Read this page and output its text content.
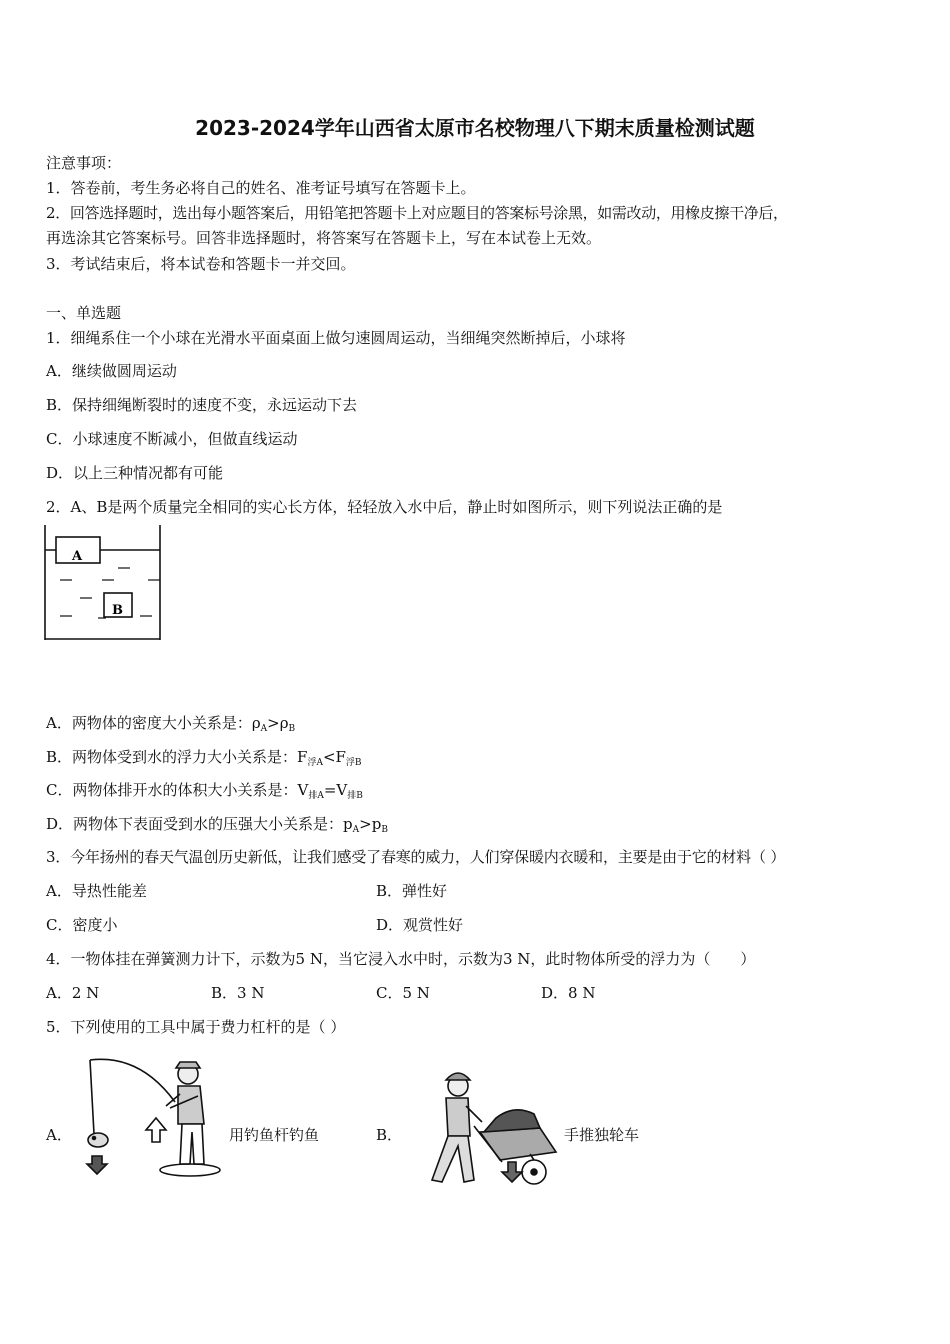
2023-2024学年山西省太原市名校物理八下期末质量检测试题
注意事项：
1．答卷前，考生务必将自己的姓名、准考证号填写在答题卡上。
2．回答选择题时，选出每小题答案后，用铅笔把答题卡上对应题目的答案标号涂黑，如需改动，用橡皮擦干净后，
再选涂其它答案标号。回答非选择题时，将答案写在答题卡上，写在本试卷上无效。
3．考试结束后，将本试卷和答题卡一并交回。
一、单选题
1．细绳系住一个小球在光滑水平面桌面上做匀速圆周运动，当细绳突然断掉后，小球将
A．继续做圆周运动
B．保持细绳断裂时的速度不变，永远运动下去
C．小球速度不断减小，但做直线运动
D．以上三种情况都有可能
2．A、B是两个质量完全相同的实心长方体，轻轻放入水中后，静止时如图所示，则下列说法正确的是
A
B
A．两物体的密度大小关系是：$\rho_A>\rho_B$
B．两物体受到水的浮力大小关系是：$F_{浮A}<F_{浮B}$
C．两物体排开水的体积大小关系是：$V_{排A}=V_{排B}$
D．两物体下表面受到水的压强大小关系是：$p_A>p_B$
3．今年扬州的春天气温创历史新低，让我们感受了春寒的威力，人们穿保暖内衣暖和，主要是由于它的材料（ ）
A．导热性能差	B．弹性好
C．密度小	D．观赏性好
4．一物体挂在弹簧测力计下，示数为5 N，当它浸入水中时，示数为3 N，此时物体所受的浮力为（　　）
A．2 N	B．3 N	C．5 N	D．8 N
5．下列使用的工具中属于费力杠杆的是（ ）
A．	用钓鱼杆钓鱼	B．	手推独轮车
